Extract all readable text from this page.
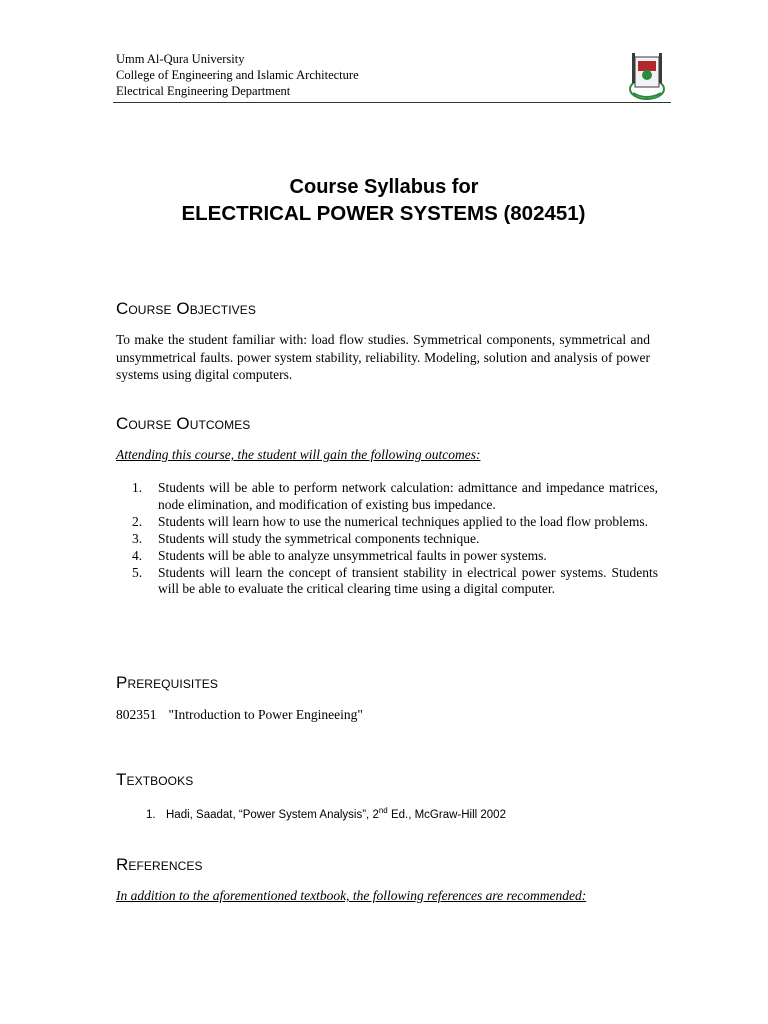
Umm Al-Qura University
College of Engineering and Islamic Architecture
Electrical Engineering Department
Course Syllabus for
ELECTRICAL POWER SYSTEMS (802451)
Course Objectives
To make the student familiar with: load flow studies. Symmetrical components, symmetrical and unsymmetrical faults. power system stability, reliability. Modeling, solution and analysis of power systems using digital computers.
Course Outcomes
Attending this course, the student will gain the following outcomes:
1. Students will be able to perform network calculation: admittance and impedance matrices, node elimination, and modification of existing bus impedance.
2. Students will learn how to use the numerical techniques applied to the load flow problems.
3. Students will study the symmetrical components technique.
4. Students will be able to analyze unsymmetrical faults in power systems.
5. Students will learn the concept of transient stability in electrical power systems. Students will be able to evaluate the critical clearing time using a digital computer.
Prerequisites
802351 "Introduction to Power Engineeing"
Textbooks
1. Hadi, Saadat, “Power System Analysis”, 2nd Ed., McGraw-Hill 2002
References
In addition to the aforementioned textbook, the following references are recommended:
